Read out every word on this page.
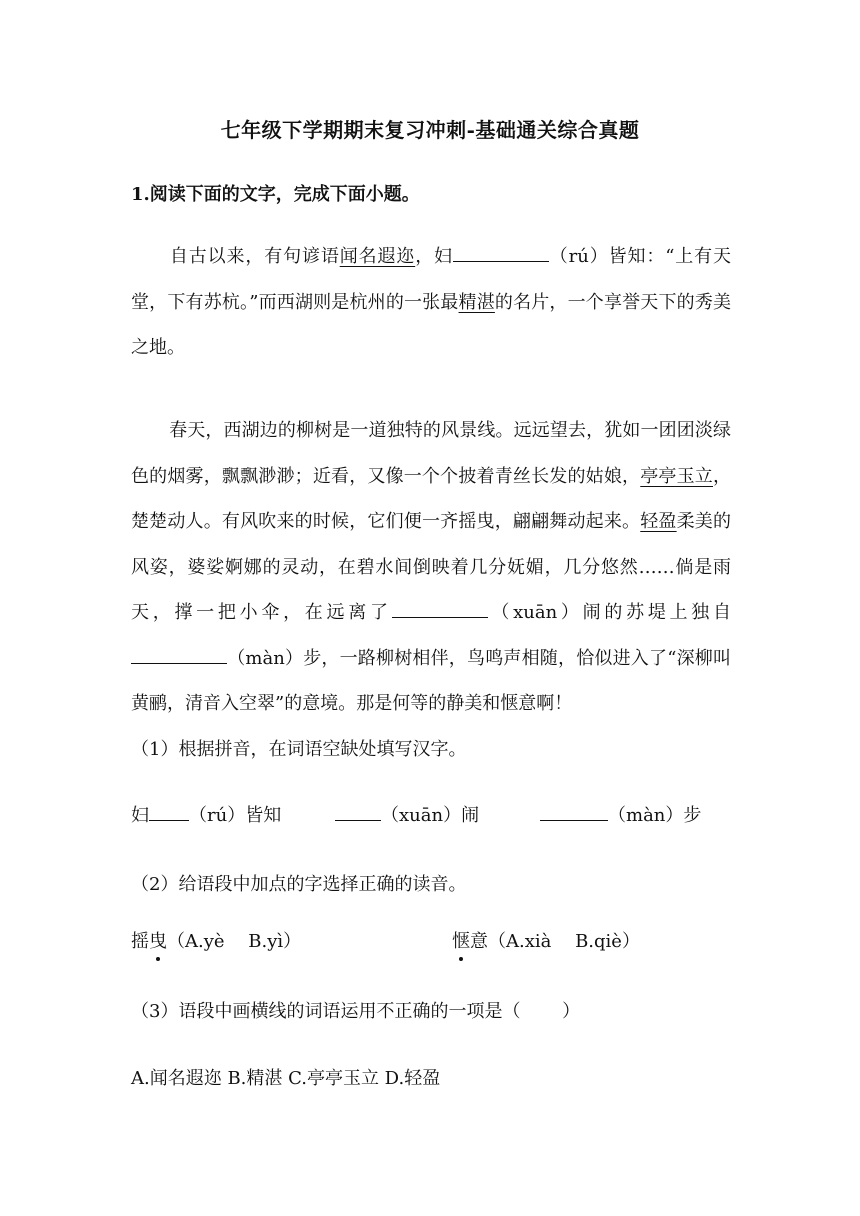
七年级下学期期末复习冲刺-基础通关综合真题
1.阅读下面的文字，完成下面小题。
自古以来，有句谚语闻名遐迩，妇	（rú）皆知：“上有天堂，下有苏杭。”而西湖则是杭州的一张最精湛的名片，一个享誉天下的秀美之地。
春天，西湖边的柳树是一道独特的风景线。远远望去，犹如一团团淡绿色的烟雾，飘飘渺渺；近看，又像一个个披着青丝长发的姑娘，亭亭玉立，楚楚动人。有风吹来的时候，它们便一齐摇曳，翩翩舞动起来。轻盈柔美的风姿，婆娑婀娜的灵动，在碧水间倒映着几分妩媚，几分悠然……倘是雨天，撑一把小伞，在远离了	（xuān）闹的苏堤上独自（màn）步，一路柳树相伴，鸟鸣声相随，恰似进入了“深柳叫黄鹂，清音入空翠”的意境。那是何等的静美和惬意啊！
（1）根据拼音，在词语空缺处填写汉字。
妇 （rú）皆知	（xuān）闹	（màn）步
（2）给语段中加点的字选择正确的读音。
摇曳（A.yè　 B.yì）	惬意（A.xià　 B.qiè）
（3）语段中画横线的词语运用不正确的一项是（　　 ）
A.闻名遐迩 B.精湛 C.亭亭玉立 D.轻盈
